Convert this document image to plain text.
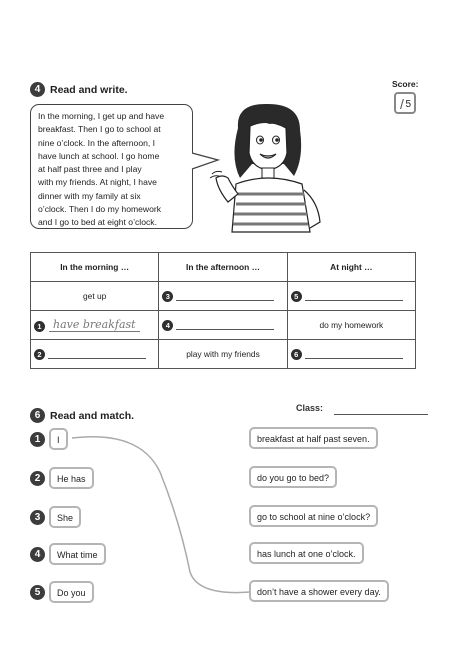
4 Read and write.	Score:
/ 5
In the morning, I get up and have
breakfast. Then I go to school at
nine o’clock. In the afternoon, I
have lunch at school. I go home
at half past three and I play
with my friends. At night, I have
dinner with my family at six
o’clock. Then I do my homework
and I go to bed at eight o’clock.
In the morning …	In the afternoon …	At night …
get up	3	5
1 have breakfast	4	do my homework
2	play with my friends	6
6 Read and match.
Class:
1	I
2	He has
3	She
4	What time
5	Do you
breakfast at half past seven.
do you go to bed?
go to school at nine o’clock?
has lunch at one o’clock.
don’t have a shower every day.
